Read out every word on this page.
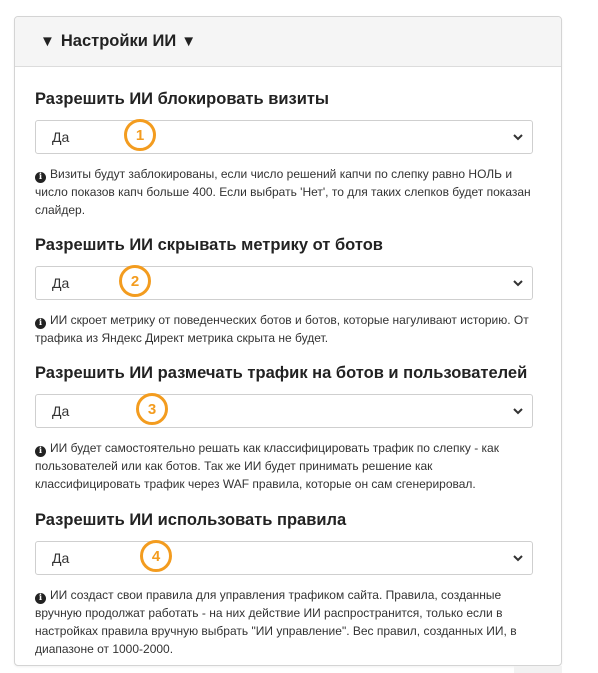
▼ Настройки ИИ ▼
Разрешить ИИ блокировать визиты
Да	1
i Визиты будут заблокированы, если число решений капчи по слепку равно НОЛЬ и число показов капч больше 400. Если выбрать 'Нет', то для таких слепков будет показан слайдер.
Разрешить ИИ скрывать метрику от ботов
Да	2
i ИИ скроет метрику от поведенческих ботов и ботов, которые нагуливают историю. От трафика из Яндекс Директ метрика скрыта не будет.
Разрешить ИИ размечать трафик на ботов и пользователей
Да	3
i ИИ будет самостоятельно решать как классифицировать трафик по слепку - как пользователей или как ботов. Так же ИИ будет принимать решение как классифицировать трафик через WAF правила, которые он сам сгенерировал.
Разрешить ИИ использовать правила
Да	4
i ИИ создаст свои правила для управления трафиком сайта. Правила, созданные вручную продолжат работать - на них действие ИИ распространится, только если в настройках правила вручную выбрать "ИИ управление". Вес правил, созданных ИИ, в диапазоне от 1000-2000.
